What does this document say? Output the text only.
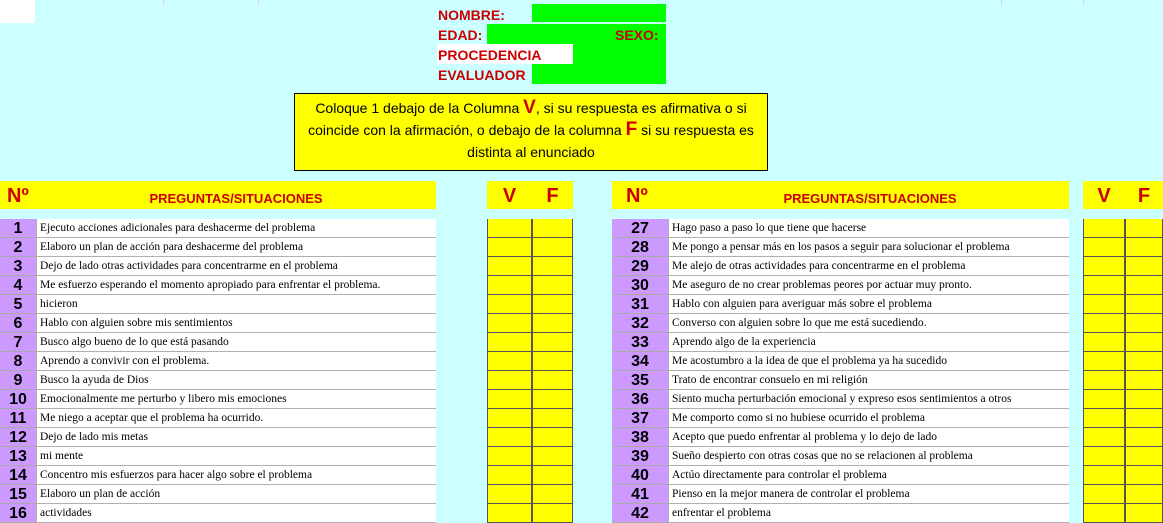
NOMBRE:
EDAD:	SEXO:
PROCEDENCIA
EVALUADOR
Coloque 1 debajo de la Columna V, si su respuesta es afirmativa o si coincide con la afirmación, o debajo de la columna F si su respuesta es distinta al enunciado
Nº	PREGUNTAS/SITUACIONES	V	F	Nº	PREGUNTAS/SITUACIONES	V	F
1	Ejecuto acciones adicionales para deshacerme del problema	27	Hago paso a paso lo que tiene que hacerse
2	Elaboro un plan de acción para deshacerme del problema	28	Me pongo a pensar más en los pasos a seguir para solucionar el problema
3	Dejo de lado otras actividades para concentrarme en el problema	29	Me alejo de otras actividades para concentrarme en el problema
4	Me esfuerzo esperando el momento apropiado para enfrentar el problema.	30	Me aseguro de no crear problemas peores por actuar muy pronto.
5	hicieron	31	Hablo con alguien para averiguar más sobre el problema
6	Hablo con alguien sobre mis sentimientos	32	Converso con alguien sobre lo que me está sucediendo.
7	Busco algo bueno de lo que está pasando	33	Aprendo algo de la experiencia
8	Aprendo a convivir con el problema.	34	Me acostumbro a la idea de que el problema ya ha sucedido
9	Busco la ayuda de Dios	35	Trato de encontrar consuelo en mi religión
10	Emocionalmente me perturbo y libero mis emociones	36	Siento mucha perturbación emocional y expreso esos sentimientos a otros
11	Me niego a aceptar que el problema ha ocurrido.	37	Me comporto como si no hubiese ocurrido el problema
12	Dejo de lado mis metas	38	Acepto que puedo enfrentar al problema y lo dejo de lado
13	mi mente	39	Sueño despierto con otras cosas que no se relacionen al problema
14	Concentro mis esfuerzos para hacer algo sobre el problema	40	Actúo directamente para controlar el problema
15	Elaboro un plan de acción	41	Pienso en la mejor manera de controlar el problema
16	actividades	42	enfrentar el problema
